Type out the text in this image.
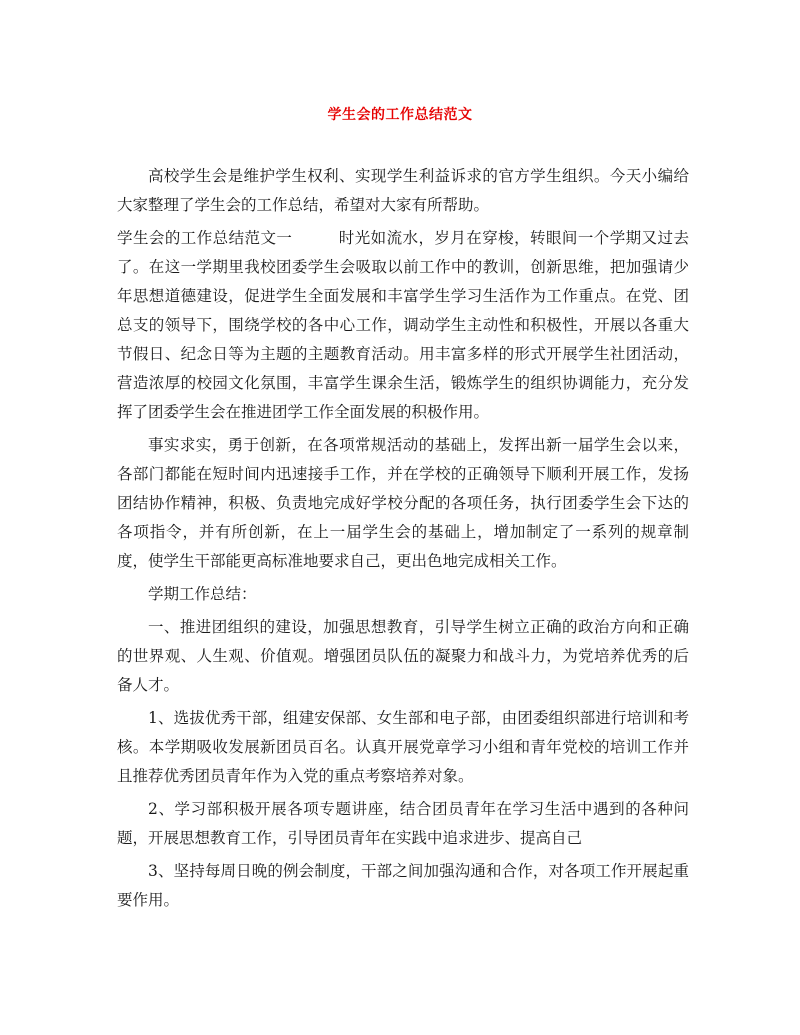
学生会的工作总结范文

高校学生会是维护学生权利、实现学生利益诉求的官方学生组织。今天小编给大家整理了学生会的工作总结，希望对大家有所帮助。

学生会的工作总结范文一	时光如流水，岁月在穿梭，转眼间一个学期又过去了。在这一学期里我校团委学生会吸取以前工作中的教训，创新思维，把加强请少年思想道德建设，促进学生全面发展和丰富学生学习生活作为工作重点。在党、团总支的领导下，围绕学校的各中心工作，调动学生主动性和积极性，开展以各重大节假日、纪念日等为主题的主题教育活动。用丰富多样的形式开展学生社团活动，营造浓厚的校园文化氛围，丰富学生课余生活，锻炼学生的组织协调能力，充分发挥了团委学生会在推进团学工作全面发展的积极作用。

事实求实，勇于创新，在各项常规活动的基础上，发挥出新一届学生会以来，各部门都能在短时间内迅速接手工作，并在学校的正确领导下顺利开展工作，发扬团结协作精神，积极、负责地完成好学校分配的各项任务，执行团委学生会下达的各项指令，并有所创新，在上一届学生会的基础上，增加制定了一系列的规章制度，使学生干部能更高标准地要求自己，更出色地完成相关工作。

学期工作总结：

一、推进团组织的建设，加强思想教育，引导学生树立正确的政治方向和正确的世界观、人生观、价值观。增强团员队伍的凝聚力和战斗力，为党培养优秀的后备人才。

1、选拔优秀干部，组建安保部、女生部和电子部，由团委组织部进行培训和考核。本学期吸收发展新团员百名。认真开展党章学习小组和青年党校的培训工作并且推荐优秀团员青年作为入党的重点考察培养对象。

2、学习部积极开展各项专题讲座，结合团员青年在学习生活中遇到的各种问题，开展思想教育工作，引导团员青年在实践中追求进步、提高自己

3、坚持每周日晚的例会制度，干部之间加强沟通和合作，对各项工作开展起重要作用。
